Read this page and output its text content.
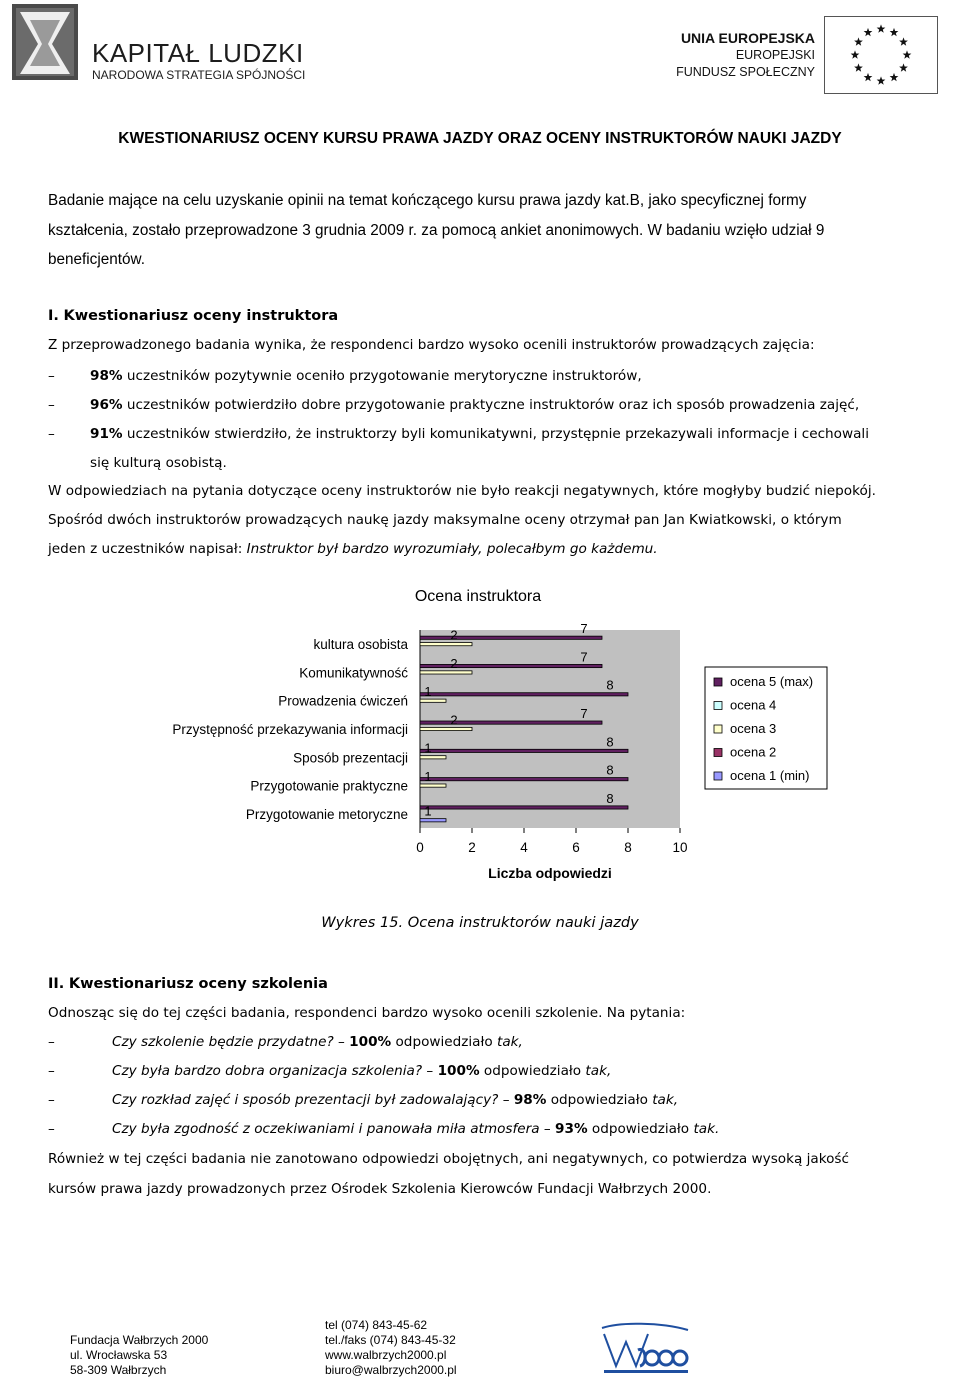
KAPITAŁ LUDZKI
NARODOWA STRATEGIA SPÓJNOŚCI
UNIA EUROPEJSKA
EUROPEJSKI
FUNDUSZ SPOŁECZNY
KWESTIONARIUSZ OCENY KURSU PRAWA JAZDY ORAZ OCENY INSTRUKTORÓW NAUKI JAZDY
Badanie mające na celu uzyskanie opinii na temat kończącego kursu prawa jazdy kat.B, jako specyficznej formy
kształcenia, zostało przeprowadzone 3 grudnia 2009 r. za pomocą ankiet anonimowych. W badaniu wzięło udział 9
beneficjentów.
I. Kwestionariusz oceny instruktora
Z przeprowadzonego badania wynika, że respondenci bardzo wysoko ocenili instruktorów prowadzących zajęcia:
–	98% uczestników pozytywnie oceniło przygotowanie merytoryczne instruktorów,
–	96% uczestników potwierdziło dobre przygotowanie praktyczne instruktorów oraz ich sposób prowadzenia zajęć,
–	91% uczestników stwierdziło, że instruktorzy byli komunikatywni, przystępnie przekazywali informacje i cechowali
się kulturą osobistą.
W odpowiedziach na pytania dotyczące oceny instruktorów nie było reakcji negatywnych, które mogłyby budzić niepokój.
Spośród dwóch instruktorów prowadzących naukę jazdy maksymalne oceny otrzymał pan Jan Kwiatkowski, o którym
jeden z uczestników napisał: Instruktor był bardzo wyrozumiały, polecałbym go każdemu.
Ocena instruktora
7
2
7
2
8
1
7
2
8
1
8
1
8
1
kultura osobista
Komunikatywność
Prowadzenia ćwiczeń
Przystępność przekazywania informacji
Sposób prezentacji
Przygotowanie praktyczne
Przygotowanie metoryczne
0	2	4	6	8	10
Liczba odpowiedzi
ocena 5 (max)
ocena 4
ocena 3
ocena 2
ocena 1 (min)
Wykres 15. Ocena instruktorów nauki jazdy
II. Kwestionariusz oceny szkolenia
Odnosząc się do tej części badania, respondenci bardzo wysoko ocenili szkolenie. Na pytania:
–	Czy szkolenie będzie przydatne? – 100% odpowiedziało tak,
–	Czy była bardzo dobra organizacja szkolenia? – 100% odpowiedziało tak,
–	Czy rozkład zajęć i sposób prezentacji był zadowalający? – 98% odpowiedziało tak,
–	Czy była zgodność z oczekiwaniami i panowała miła atmosfera – 93% odpowiedziało tak.
Również w tej części badania nie zanotowano odpowiedzi obojętnych, ani negatywnych, co potwierdza wysoką jakość
kursów prawa jazdy prowadzonych przez Ośrodek Szkolenia Kierowców Fundacji Wałbrzych 2000.
Fundacja Wałbrzych 2000
ul. Wrocławska 53
58-309 Wałbrzych
tel (074) 843-45-62
tel./faks (074) 843-45-32
www.walbrzych2000.pl
biuro@walbrzych2000.pl
